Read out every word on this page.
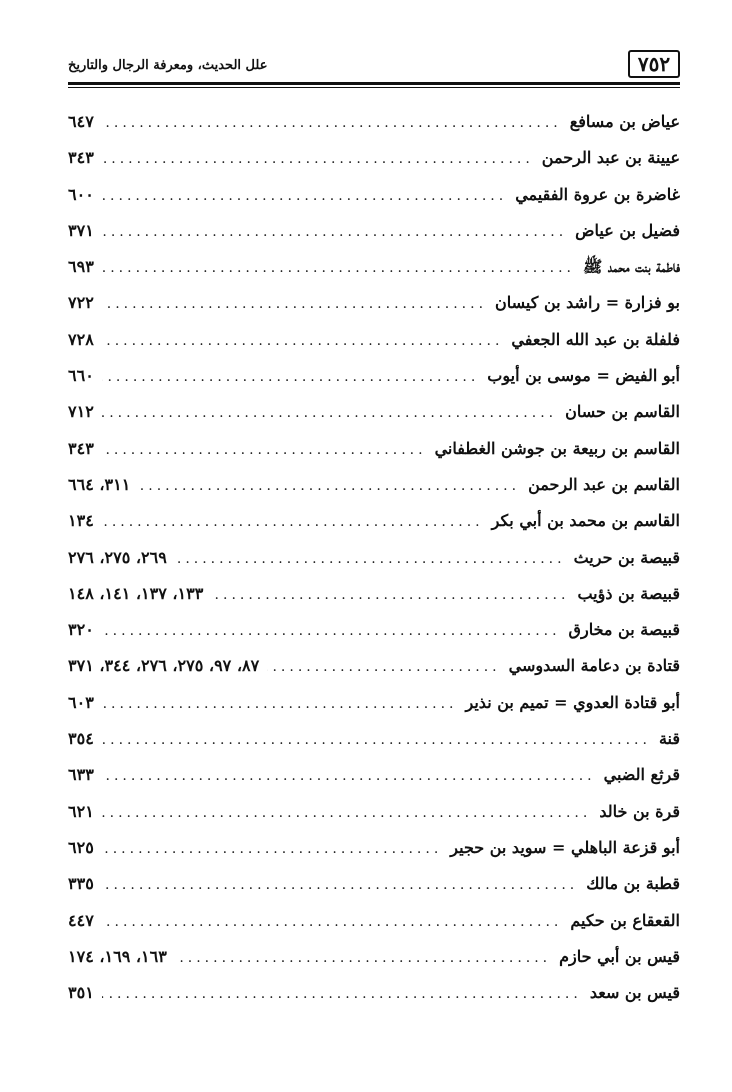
٧٥٢
علل الحديث، ومعرفة الرجال والتاريخ
عياض بن مسافع
.....
٦٤٧
عيينة بن عبد الرحمن
.....
٣٤٣
غاضرة بن عروة الفقيمي
.....
٦٠٠
فضيل بن عياض
.....
٣٧١
فاطمة بنت محمد ﷺ
.....
٦٩٣
بو فزارة = راشد بن كيسان
.....
٧٢٢
فلفلة بن عبد الله الجعفي
.....
٧٢٨
أبو الفيض = موسى بن أيوب
.....
٦٦٠
القاسم بن حسان
.....
٧١٢
القاسم بن ربيعة بن جوشن الغطفاني
.....
٣٤٣
القاسم بن عبد الرحمن
.....
٣١١، ٦٦٤
القاسم بن محمد بن أبي بكر
.....
١٣٤
قبيصة بن حريث
.....
٢٦٩، ٢٧٥، ٢٧٦
قبيصة بن ذؤيب
.....
١٣٣، ١٣٧، ١٤١، ١٤٨
قبيصة بن مخارق
.....
٣٢٠
قتادة بن دعامة السدوسي
.....
٨٧، ٩٧، ٢٧٥، ٢٧٦، ٣٤٤، ٣٧١
أبو قتادة العدوي = تميم بن نذير
.....
٦٠٣
قنة
.....
٣٥٤
قرثع الضبي
.....
٦٣٣
قرة بن خالد
.....
٦٢١
أبو قزعة الباهلي = سويد بن حجير
.....
٦٢٥
قطبة بن مالك
.....
٣٣٥
القعقاع بن حكيم
.....
٤٤٧
قيس بن أبي حازم
.....
١٦٣، ١٦٩، ١٧٤
قيس بن سعد
.....
٣٥١
